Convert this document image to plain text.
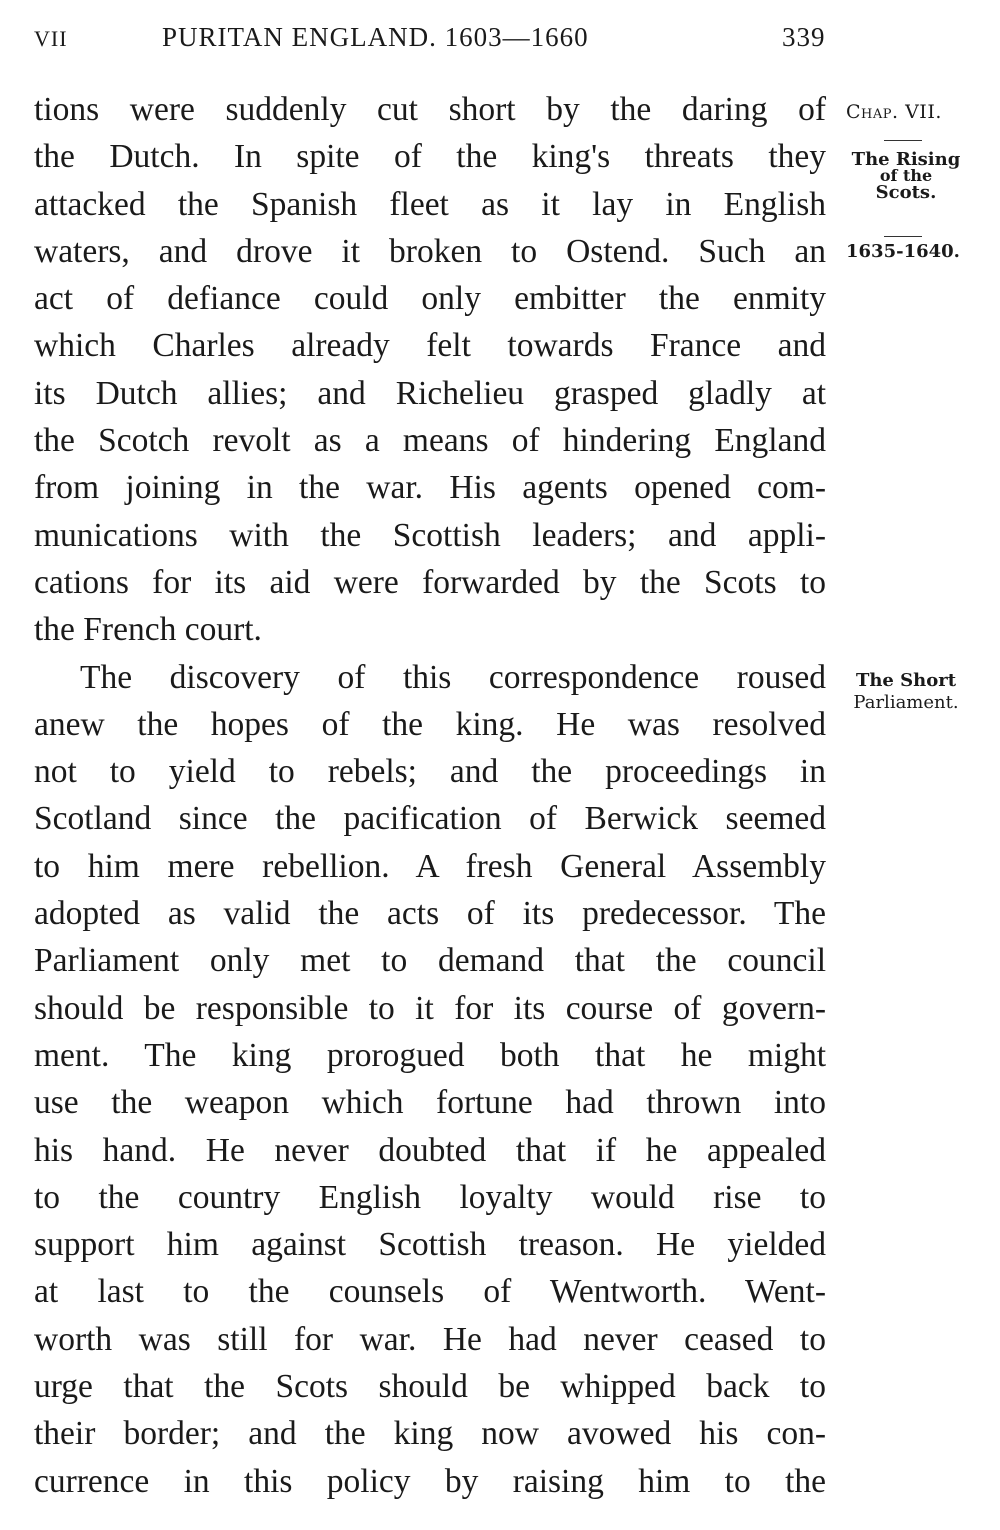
VII	PURITAN ENGLAND. 1603—1660	339
tions were suddenly cut short by the daring of
the Dutch. In spite of the king's threats they
attacked the Spanish fleet as it lay in English
waters, and drove it broken to Ostend. Such an
act of defiance could only embitter the enmity
which Charles already felt towards France and
its Dutch allies; and Richelieu grasped gladly at
the Scotch revolt as a means of hindering England
from joining in the war. His agents opened com-
munications with the Scottish leaders; and appli-
cations for its aid were forwarded by the Scots to
the French court.
The discovery of this correspondence roused
anew the hopes of the king. He was resolved
not to yield to rebels; and the proceedings in
Scotland since the pacification of Berwick seemed
to him mere rebellion. A fresh General Assembly
adopted as valid the acts of its predecessor. The
Parliament only met to demand that the council
should be responsible to it for its course of govern-
ment. The king prorogued both that he might
use the weapon which fortune had thrown into
his hand. He never doubted that if he appealed
to the country English loyalty would rise to
support him against Scottish treason. He yielded
at last to the counsels of Wentworth. Went-
worth was still for war. He had never ceased to
urge that the Scots should be whipped back to
their border; and the king now avowed his con-
currence in this policy by raising him to the
Chap. VII.
The Rising
of the
Scots.
1635-1640.
The Short
Parliament.
